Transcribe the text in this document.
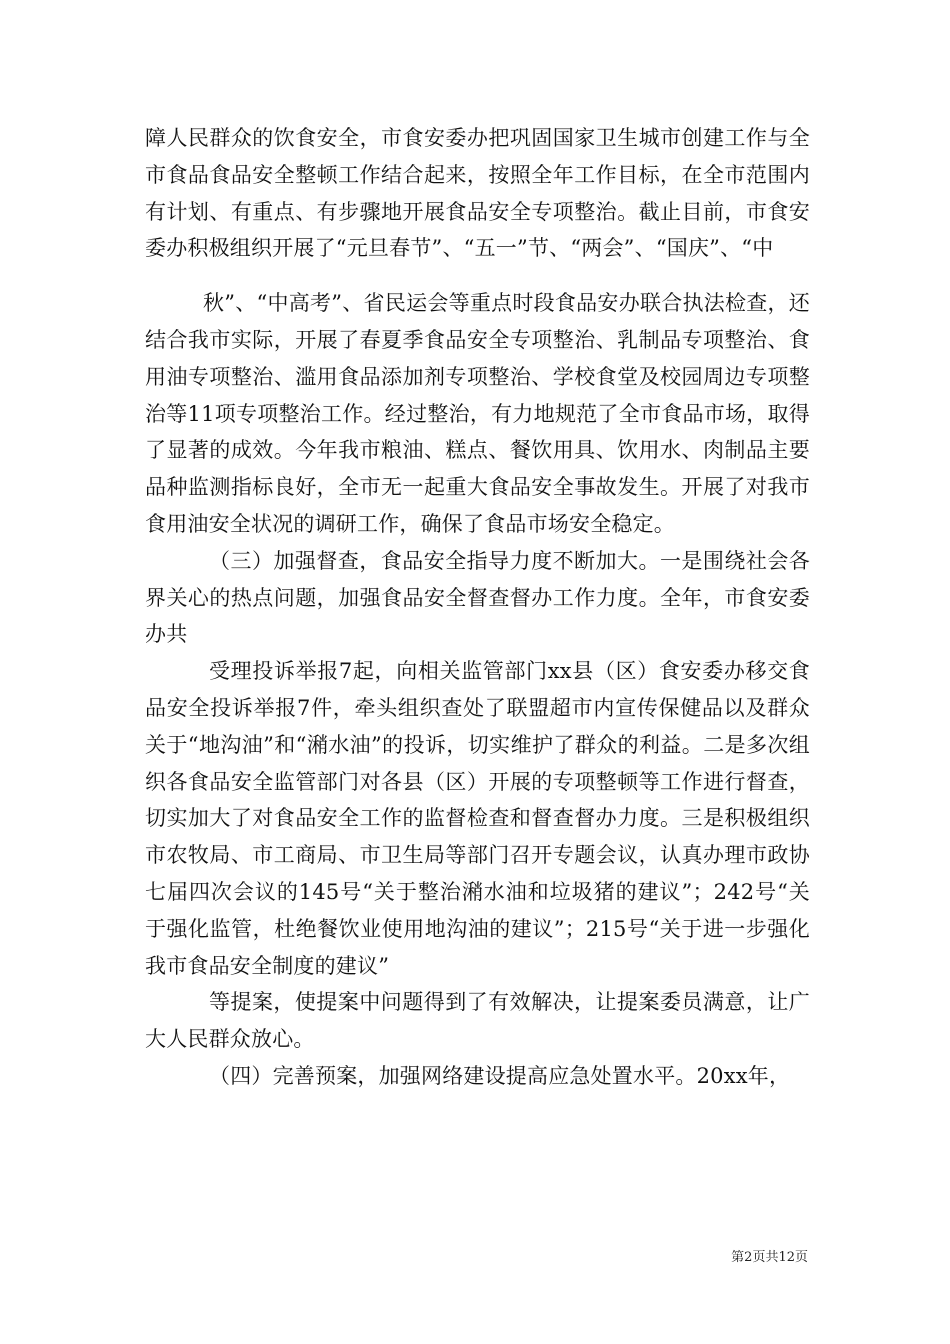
障人民群众的饮食安全，市食安委办把巩固国家卫生城市创建工作与全市食品食品安全整顿工作结合起来，按照全年工作目标，在全市范围内有计划、有重点、有步骤地开展食品安全专项整治。截止目前，市食安委办积极组织开展了“元旦春节”、“五一”节、“两会”、“国庆”、“中

秋”、“中高考”、省民运会等重点时段食品安办联合执法检查，还结合我市实际，开展了春夏季食品安全专项整治、乳制品专项整治、食用油专项整治、滥用食品添加剂专项整治、学校食堂及校园周边专项整治等11项专项整治工作。经过整治，有力地规范了全市食品市场，取得了显著的成效。今年我市粮油、糕点、餐饮用具、饮用水、肉制品主要品种监测指标良好，全市无一起重大食品安全事故发生。开展了对我市食用油安全状况的调研工作，确保了食品市场安全稳定。

（三）加强督查，食品安全指导力度不断加大。一是围绕社会各界关心的热点问题，加强食品安全督查督办工作力度。全年，市食安委办共

受理投诉举报7起，向相关监管部门xx县（区）食安委办移交食品安全投诉举报7件，牵头组织查处了联盟超市内宣传保健品以及群众关于“地沟油”和“潲水油”的投诉，切实维护了群众的利益。二是多次组织各食品安全监管部门对各县（区）开展的专项整顿等工作进行督查，切实加大了对食品安全工作的监督检查和督查督办力度。三是积极组织市农牧局、市工商局、市卫生局等部门召开专题会议，认真办理市政协七届四次会议的145号“关于整治潲水油和垃圾猪的建议”；242号“关于强化监管，杜绝餐饮业使用地沟油的建议”；215号“关于进一步强化我市食品安全制度的建议”

等提案，使提案中问题得到了有效解决，让提案委员满意，让广大人民群众放心。

（四）完善预案，加强网络建设提高应急处置水平。20xx年，

第2页共12页
